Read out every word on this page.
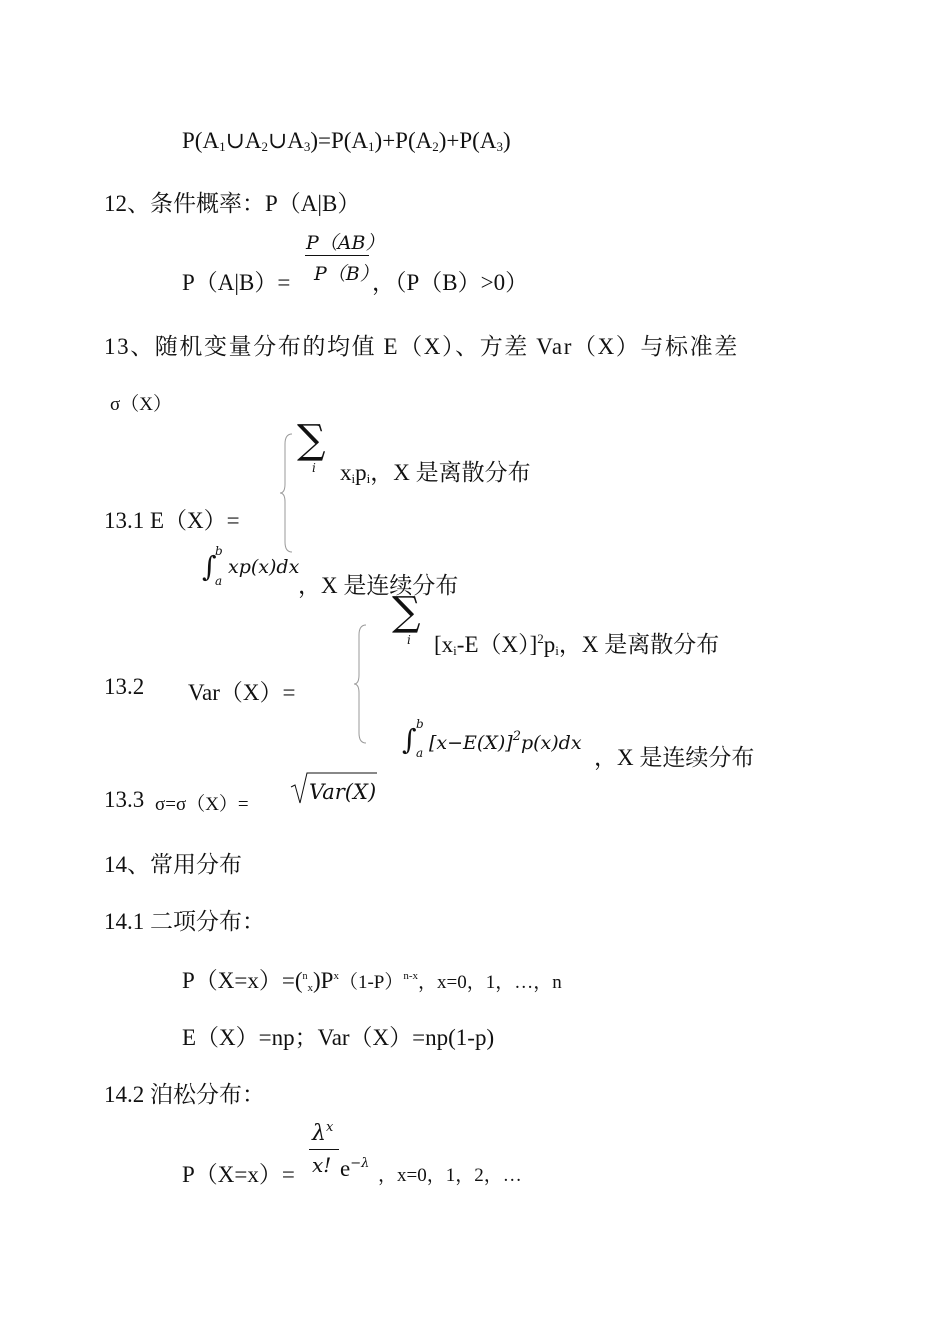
$P(A_1\cup A_2\cup A_3)=P(A_1)+P(A_2)+P(A_3)$
12、条件概率：P（A|B）
P（A|B）=
P（AB）
P（B）
，（P（B）>0）
13、随机变量分布的均值 E（X）、方差 Var（X）与标准差
σ（X）
13.1 E（X）=
∑
i $x_ip_i$，X 是离散分布
∫
b
a
xp(x)dx
，X 是连续分布
13.2 Var（X）=
∑
i $[x_i-E(X)]^2p_i$，X 是离散分布
∫ b
a $[x-E(X)]^2p(x)dx$
，X 是连续分布
13.3 σ=σ（X）=
Var(X)
14、常用分布
14.1 二项分布：
$P(X=x)=(^n_x)P^x(1-P)^{n-x}$，x=0，1，…，n
E（X）=np；Var（X）=np(1-p)
14.2 泊松分布：
P（X=x）=
$\lambda^x$
x! $e^{-\lambda}$
，x=0，1，2，…
